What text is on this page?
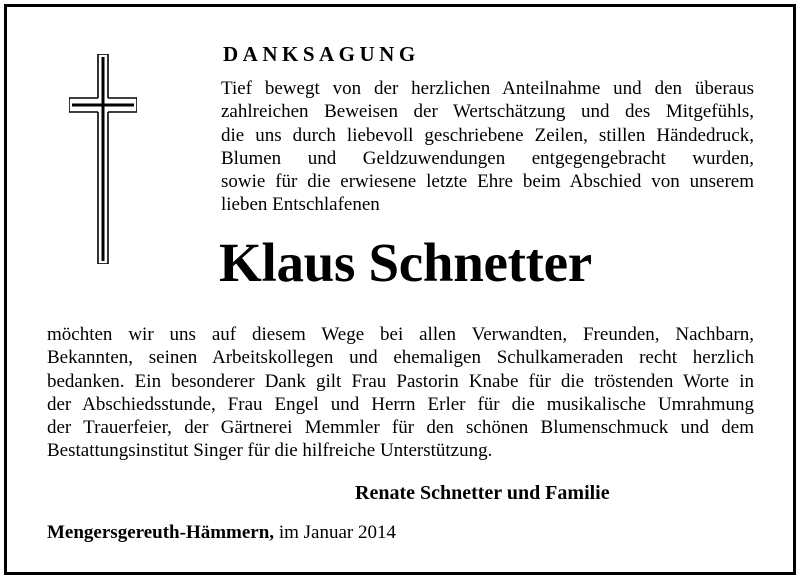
DANKSAGUNG
Tief bewegt von der herzlichen Anteilnahme und den überaus
zahlreichen Beweisen der Wertschätzung und des Mitgefühls,
die uns durch liebevoll geschriebene Zeilen, stillen Händedruck,
Blumen und Geldzuwendungen entgegengebracht wurden,
sowie für die erwiesene letzte Ehre beim Abschied von unserem
lieben Entschlafenen
Klaus Schnetter
möchten wir uns auf diesem Wege bei allen Verwandten, Freunden, Nachbarn,
Bekannten, seinen Arbeitskollegen und ehemaligen Schulkameraden recht herzlich
bedanken. Ein besonderer Dank gilt Frau Pastorin Knabe für die tröstenden Worte in
der Abschiedsstunde, Frau Engel und Herrn Erler für die musikalische Umrahmung
der Trauerfeier, der Gärtnerei Memmler für den schönen Blumenschmuck und dem
Bestattungsinstitut Singer für die hilfreiche Unterstützung.
Renate Schnetter und Familie
Mengersgereuth-Hämmern, im Januar 2014
